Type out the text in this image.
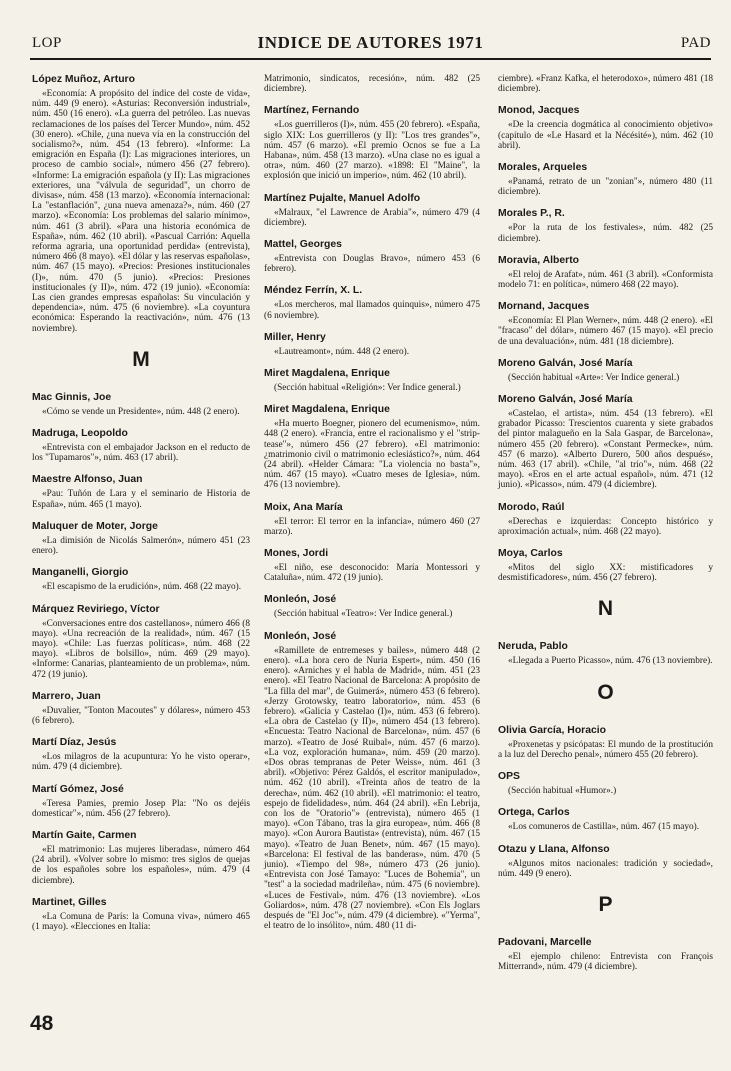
LOP	INDICE DE AUTORES 1971	PAD
López Muñoz, Arturo
«Economía: A propósito del índice del coste de vida», núm. 449 (9 enero). «Asturias: Reconversión industrial», núm. 450 (16 enero). «La guerra del petróleo. Las nuevas reclamaciones de los países del Tercer Mundo», núm. 452 (30 enero). «Chile, ¿una nueva vía en la construcción del socialismo?», núm. 454 (13 febrero). «Informe: La emigración en España (I): Las migraciones interiores, un proceso de cambio social», número 456 (27 febrero). «Informe: La emigración española (y II): Las migraciones exteriores, una "válvula de seguridad", un chorro de divisas», núm. 458 (13 marzo). «Economía internacional: La "estanflación", ¿una nueva amenaza?», núm. 460 (27 marzo). «Economía: Los problemas del salario mínimo», núm. 461 (3 abril). «Para una historia económica de España», núm. 462 (10 abril). «Pascual Carrión: Aquella reforma agraria, una oportunidad perdida» (entrevista), número 466 (8 mayo). «El dólar y las reservas españolas», núm. 467 (15 mayo). «Precios: Presiones institucionales (I)», núm. 470 (5 junio). «Precios: Presiones institucionales (y II)», núm. 472 (19 junio). «Economía: Las cien grandes empresas españolas: Su vinculación y dependencia», núm. 475 (6 noviembre). «La coyuntura económica: Esperando la reactivación», núm. 476 (13 noviembre).
M
Mac Ginnis, Joe
«Cómo se vende un Presidente», núm. 448 (2 enero).
Madruga, Leopoldo
«Entrevista con el embajador Jackson en el reducto de los "Tupamaros"», núm. 463 (17 abril).
Maestre Alfonso, Juan
«Pau: Tuñón de Lara y el seminario de Historia de España», núm. 465 (1 mayo).
Maluquer de Moter, Jorge
«La dimisión de Nicolás Salmerón», número 451 (23 enero).
Manganelli, Giorgio
«El escapismo de la erudición», núm. 468 (22 mayo).
Márquez Reviriego, Víctor
«Conversaciones entre dos castellanos», número 466 (8 mayo). «Una recreación de la realidad», núm. 467 (15 mayo). «Chile: Las fuerzas políticas», núm. 468 (22 mayo). «Libros de bolsillo», núm. 469 (29 mayo). «Informe: Canarias, planteamiento de un problema», núm. 472 (19 junio).
Marrero, Juan
«Duvalier, "Tonton Macoutes" y dólares», número 453 (6 febrero).
Martí Díaz, Jesús
«Los milagros de la acupuntura: Yo he visto operar», núm. 479 (4 diciembre).
Martí Gómez, José
«Teresa Pamies, premio Josep Pla: "No os dejéis domesticar"», núm. 456 (27 febrero).
Martín Gaite, Carmen
«El matrimonio: Las mujeres liberadas», número 464 (24 abril). «Volver sobre lo mismo: tres siglos de quejas de los españoles sobre los españoles», núm. 479 (4 diciembre).
Martinet, Gilles
«La Comuna de París: la Comuna viva», número 465 (1 mayo). «Elecciones en Italia:
Matrimonio, sindicatos, recesión», núm. 482 (25 diciembre).
Martínez, Fernando
«Los guerrilleros (I)», núm. 455 (20 febrero). «España, siglo XIX: Los guerrilleros (y II): "Los tres grandes"», núm. 457 (6 marzo). «El premio Ocnos se fue a La Habana», núm. 458 (13 marzo). «Una clase no es igual a otra», núm. 460 (27 marzo). «1898: El "Maine", la explosión que inició un imperio», núm. 462 (10 abril).
Martínez Pujalte, Manuel Adolfo
«Malraux, "el Lawrence de Arabia"», número 479 (4 diciembre).
Mattel, Georges
«Entrevista con Douglas Bravo», número 453 (6 febrero).
Méndez Ferrín, X. L.
«Los mercheros, mal llamados quinquis», número 475 (6 noviembre).
Miller, Henry
«Lautreamont», núm. 448 (2 enero).
Miret Magdalena, Enrique
(Sección habitual «Religión»: Ver Indice general.)
Miret Magdalena, Enrique
«Ha muerto Boegner, pionero del ecumenismo», núm. 448 (2 enero). «Francia, entre el racionalismo y el "strip-tease"», número 456 (27 febrero). «El matrimonio: ¿matrimonio civil o matrimonio eclesiástico?», núm. 464 (24 abril). «Helder Cámara: "La violencia no basta"», núm. 467 (15 mayo). «Cuatro meses de Iglesia», núm. 476 (13 noviembre).
Moix, Ana María
«El terror: El terror en la infancia», número 460 (27 marzo).
Mones, Jordi
«El niño, ese desconocido: María Montessori y Cataluña», núm. 472 (19 junio).
Monleón, José
(Sección habitual «Teatro»: Ver Indice general.)
Monleón, José
«Ramillete de entremeses y bailes», número 448 (2 enero). «La hora cero de Nuria Espert», núm. 450 (16 enero). «Arniches y el habla de Madrid», núm. 451 (23 enero). «El Teatro Nacional de Barcelona: A propósito de "La filla del mar", de Guimerá», número 453 (6 febrero). «Jerzy Grotowsky, teatro laboratorio», núm. 453 (6 febrero). «Galicia y Castelao (I)», núm. 453 (6 febrero). «La obra de Castelao (y II)», número 454 (13 febrero). «Encuesta: Teatro Nacional de Barcelona», núm. 457 (6 marzo). «Teatro de José Ruibal», núm. 457 (6 marzo). «La voz, exploración humana», núm. 459 (20 marzo). «Dos obras tempranas de Peter Weiss», núm. 461 (3 abril). «Objetivo: Pérez Galdós, el escritor manipulado», núm. 462 (10 abril). «Treinta años de teatro de la derecha», núm. 462 (10 abril). «El matrimonio: el teatro, espejo de fidelidades», núm. 464 (24 abril). «En Lebrija, con los de "Oratorio"» (entrevista), número 465 (1 mayo). «Con Tábano, tras la gira europea», núm. 466 (8 mayo). «Con Aurora Bautista» (entrevista), núm. 467 (15 mayo). «Teatro de Juan Benet», núm. 467 (15 mayo). «Barcelona: El festival de las banderas», núm. 470 (5 junio). «Tiempo del 98», número 473 (26 junio). «Entrevista con José Tamayo: "Luces de Bohemia", un "test" a la sociedad madrileña», núm. 475 (6 noviembre). «Luces de Festival», núm. 476 (13 noviembre). «Los Goliardos», núm. 478 (27 noviembre). «Con Els Joglars después de "El Joc"», núm. 479 (4 diciembre). «"Yerma", el teatro de lo insólito», núm. 480 (11 di-
ciembre). «Franz Kafka, el heterodoxo», número 481 (18 diciembre).
Monod, Jacques
«De la creencia dogmática al conocimiento objetivo» (capítulo de «Le Hasard et la Nécésité»), núm. 462 (10 abril).
Morales, Arqueles
«Panamá, retrato de un "zonian"», número 480 (11 diciembre).
Morales P., R.
«Por la ruta de los festivales», núm. 482 (25 diciembre).
Moravia, Alberto
«El reloj de Arafat», núm. 461 (3 abril). «Conformista modelo 71: en política», número 468 (22 mayo).
Mornand, Jacques
«Economía: El Plan Werner», núm. 448 (2 enero). «El "fracaso" del dólar», número 467 (15 mayo). «El precio de una devaluación», núm. 481 (18 diciembre).
Moreno Galván, José María
(Sección habitual «Arte»: Ver Indice general.)
Moreno Galván, José María
«Castelao, el artista», núm. 454 (13 febrero). «El grabador Picasso: Trescientos cuarenta y siete grabados del pintor malagueño en la Sala Gaspar, de Barcelona», número 455 (20 febrero). «Constant Permecke», núm. 457 (6 marzo). «Alberto Durero, 500 años después», núm. 463 (17 abril). «Chile, "al trío"», núm. 468 (22 mayo). «Eros en el arte actual español», núm. 471 (12 junio). «Picasso», núm. 479 (4 diciembre).
Morodo, Raúl
«Derechas e izquierdas: Concepto histórico y aproximación actual», núm. 468 (22 mayo).
Moya, Carlos
«Mitos del siglo XX: mistificadores y desmistificadores», núm. 456 (27 febrero).
N
Neruda, Pablo
«Llegada a Puerto Picasso», núm. 476 (13 noviembre).
O
Olivia García, Horacio
«Proxenetas y psicópatas: El mundo de la prostitución a la luz del Derecho penal», número 455 (20 febrero).
OPS
(Sección habitual «Humor».)
Ortega, Carlos
«Los comuneros de Castilla», núm. 467 (15 mayo).
Otazu y Llana, Alfonso
«Algunos mitos nacionales: tradición y sociedad», núm. 449 (9 enero).
P
Padovani, Marcelle
«El ejemplo chileno: Entrevista con François Mitterrand», núm. 479 (4 diciembre).
48
